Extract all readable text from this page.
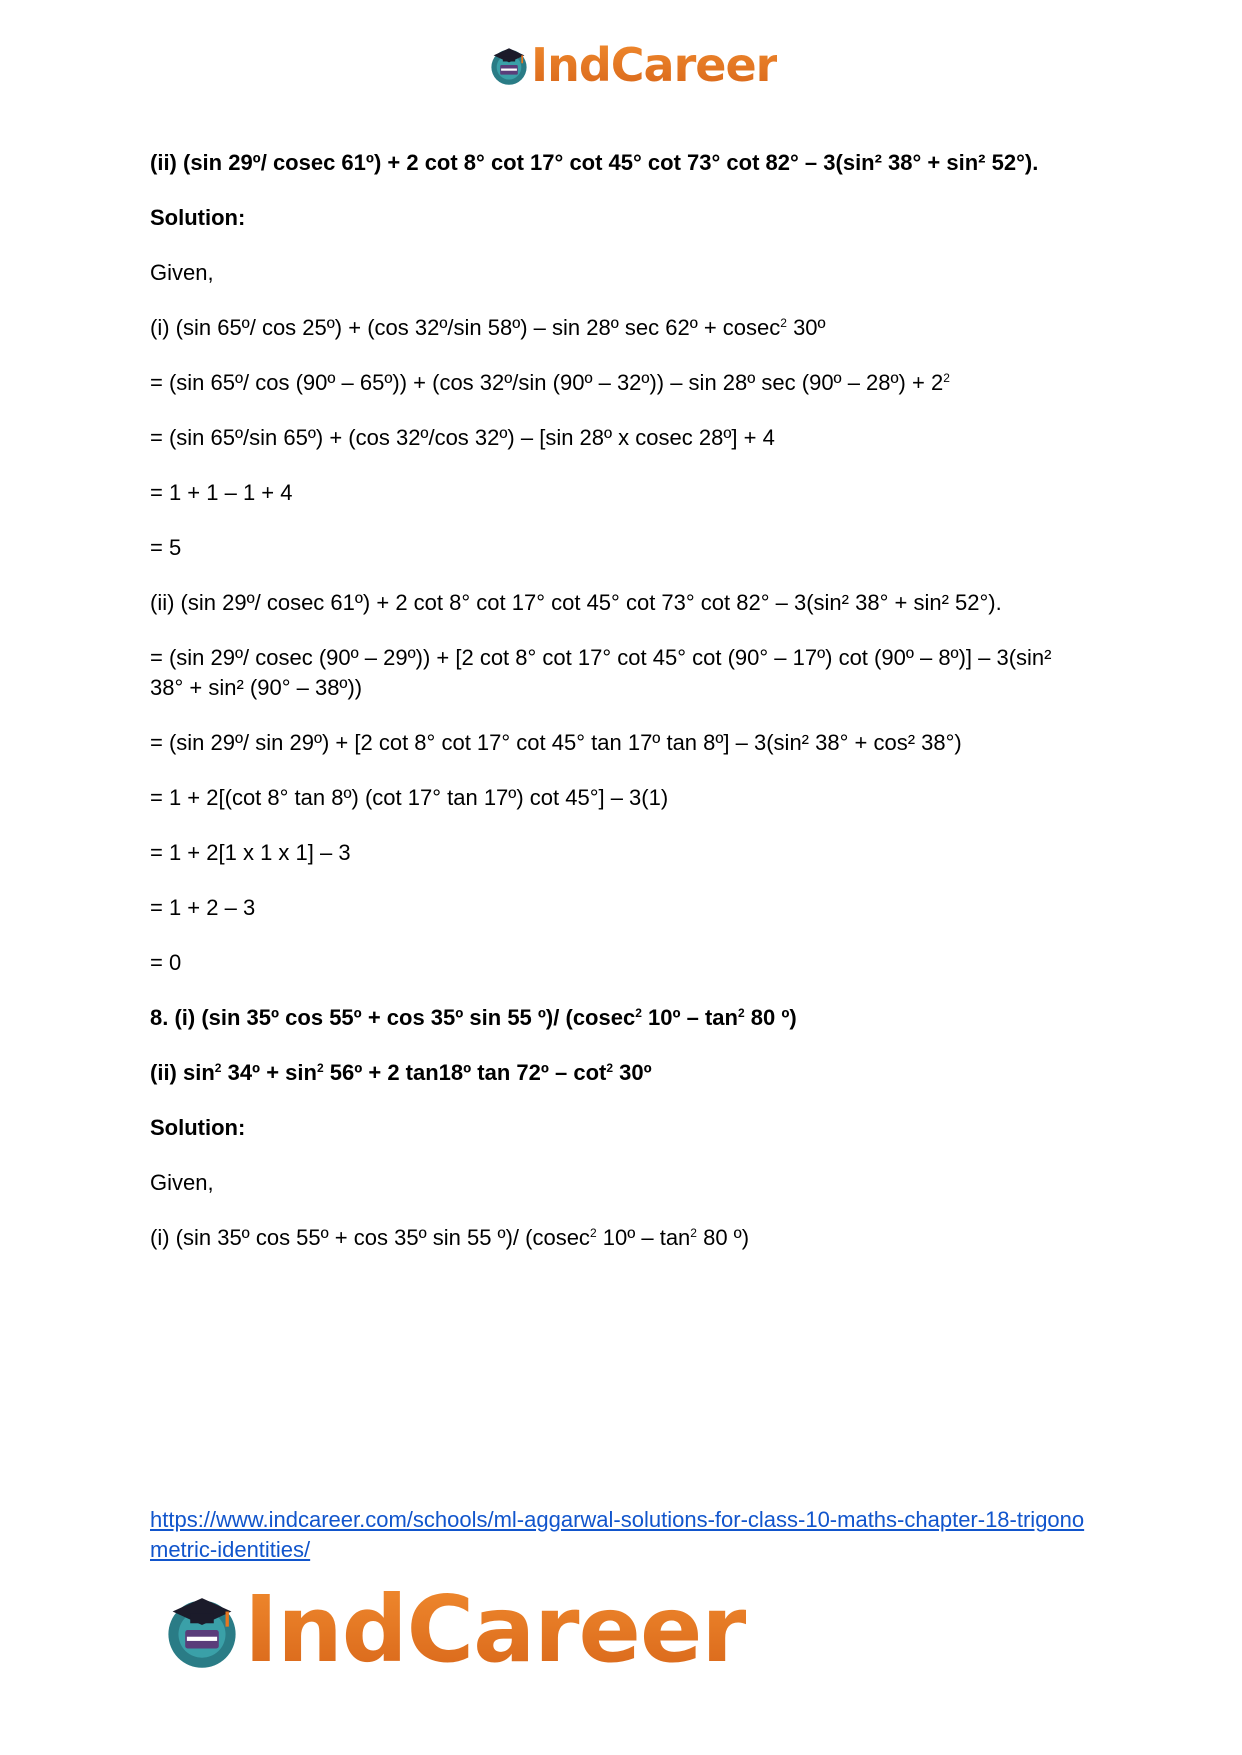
IndCareer
(ii) (sin 29º/ cosec 61º) + 2 cot 8° cot 17° cot 45° cot 73° cot 82° – 3(sin² 38° + sin² 52°).
Solution:
Given,
(i) (sin 65º/ cos 25º) + (cos 32º/sin 58º) – sin 28º sec 62º + cosec$^2$ 30º
= (sin 65º/ cos (90º – 65º)) + (cos 32º/sin (90º – 32º)) – sin 28º sec (90º – 28º) + $2^2$
= (sin 65º/sin 65º) + (cos 32º/cos 32º) – [sin 28º x cosec 28º] + 4
= 1 + 1 – 1 + 4
= 5
(ii) (sin 29º/ cosec 61º) + 2 cot 8° cot 17° cot 45° cot 73° cot 82° – 3(sin² 38° + sin² 52°).
= (sin 29º/ cosec (90º – 29º)) + [2 cot 8° cot 17° cot 45° cot (90° – 17º) cot (90º – 8º)] – 3(sin² 38° + sin² (90° – 38º))
= (sin 29º/ sin 29º) + [2 cot 8° cot 17° cot 45° tan 17º tan 8º] – 3(sin² 38° + cos² 38°)
= 1 + 2[(cot 8° tan 8º) (cot 17° tan 17º) cot 45°] – 3(1)
= 1 + 2[1 x 1 x 1] – 3
= 1 + 2 – 3
= 0
8. (i) (sin 35º cos 55º + cos 35º sin 55 º)/ (cosec$^2$ 10º – $\tan^2 80$ º)
(ii) $\sin^2$ 34º + $\sin^2$ 56º + 2 tan18º tan 72º – $\cot^2$ 30º
Solution:
Given,
(i) (sin 35º cos 55º + cos 35º sin 55 º)/ (cosec$^2$ 10º – $\tan^2 80$ º)
https://www.indcareer.com/schools/ml-aggarwal-solutions-for-class-10-maths-chapter-18-trigonometric-identities/
IndCareer
